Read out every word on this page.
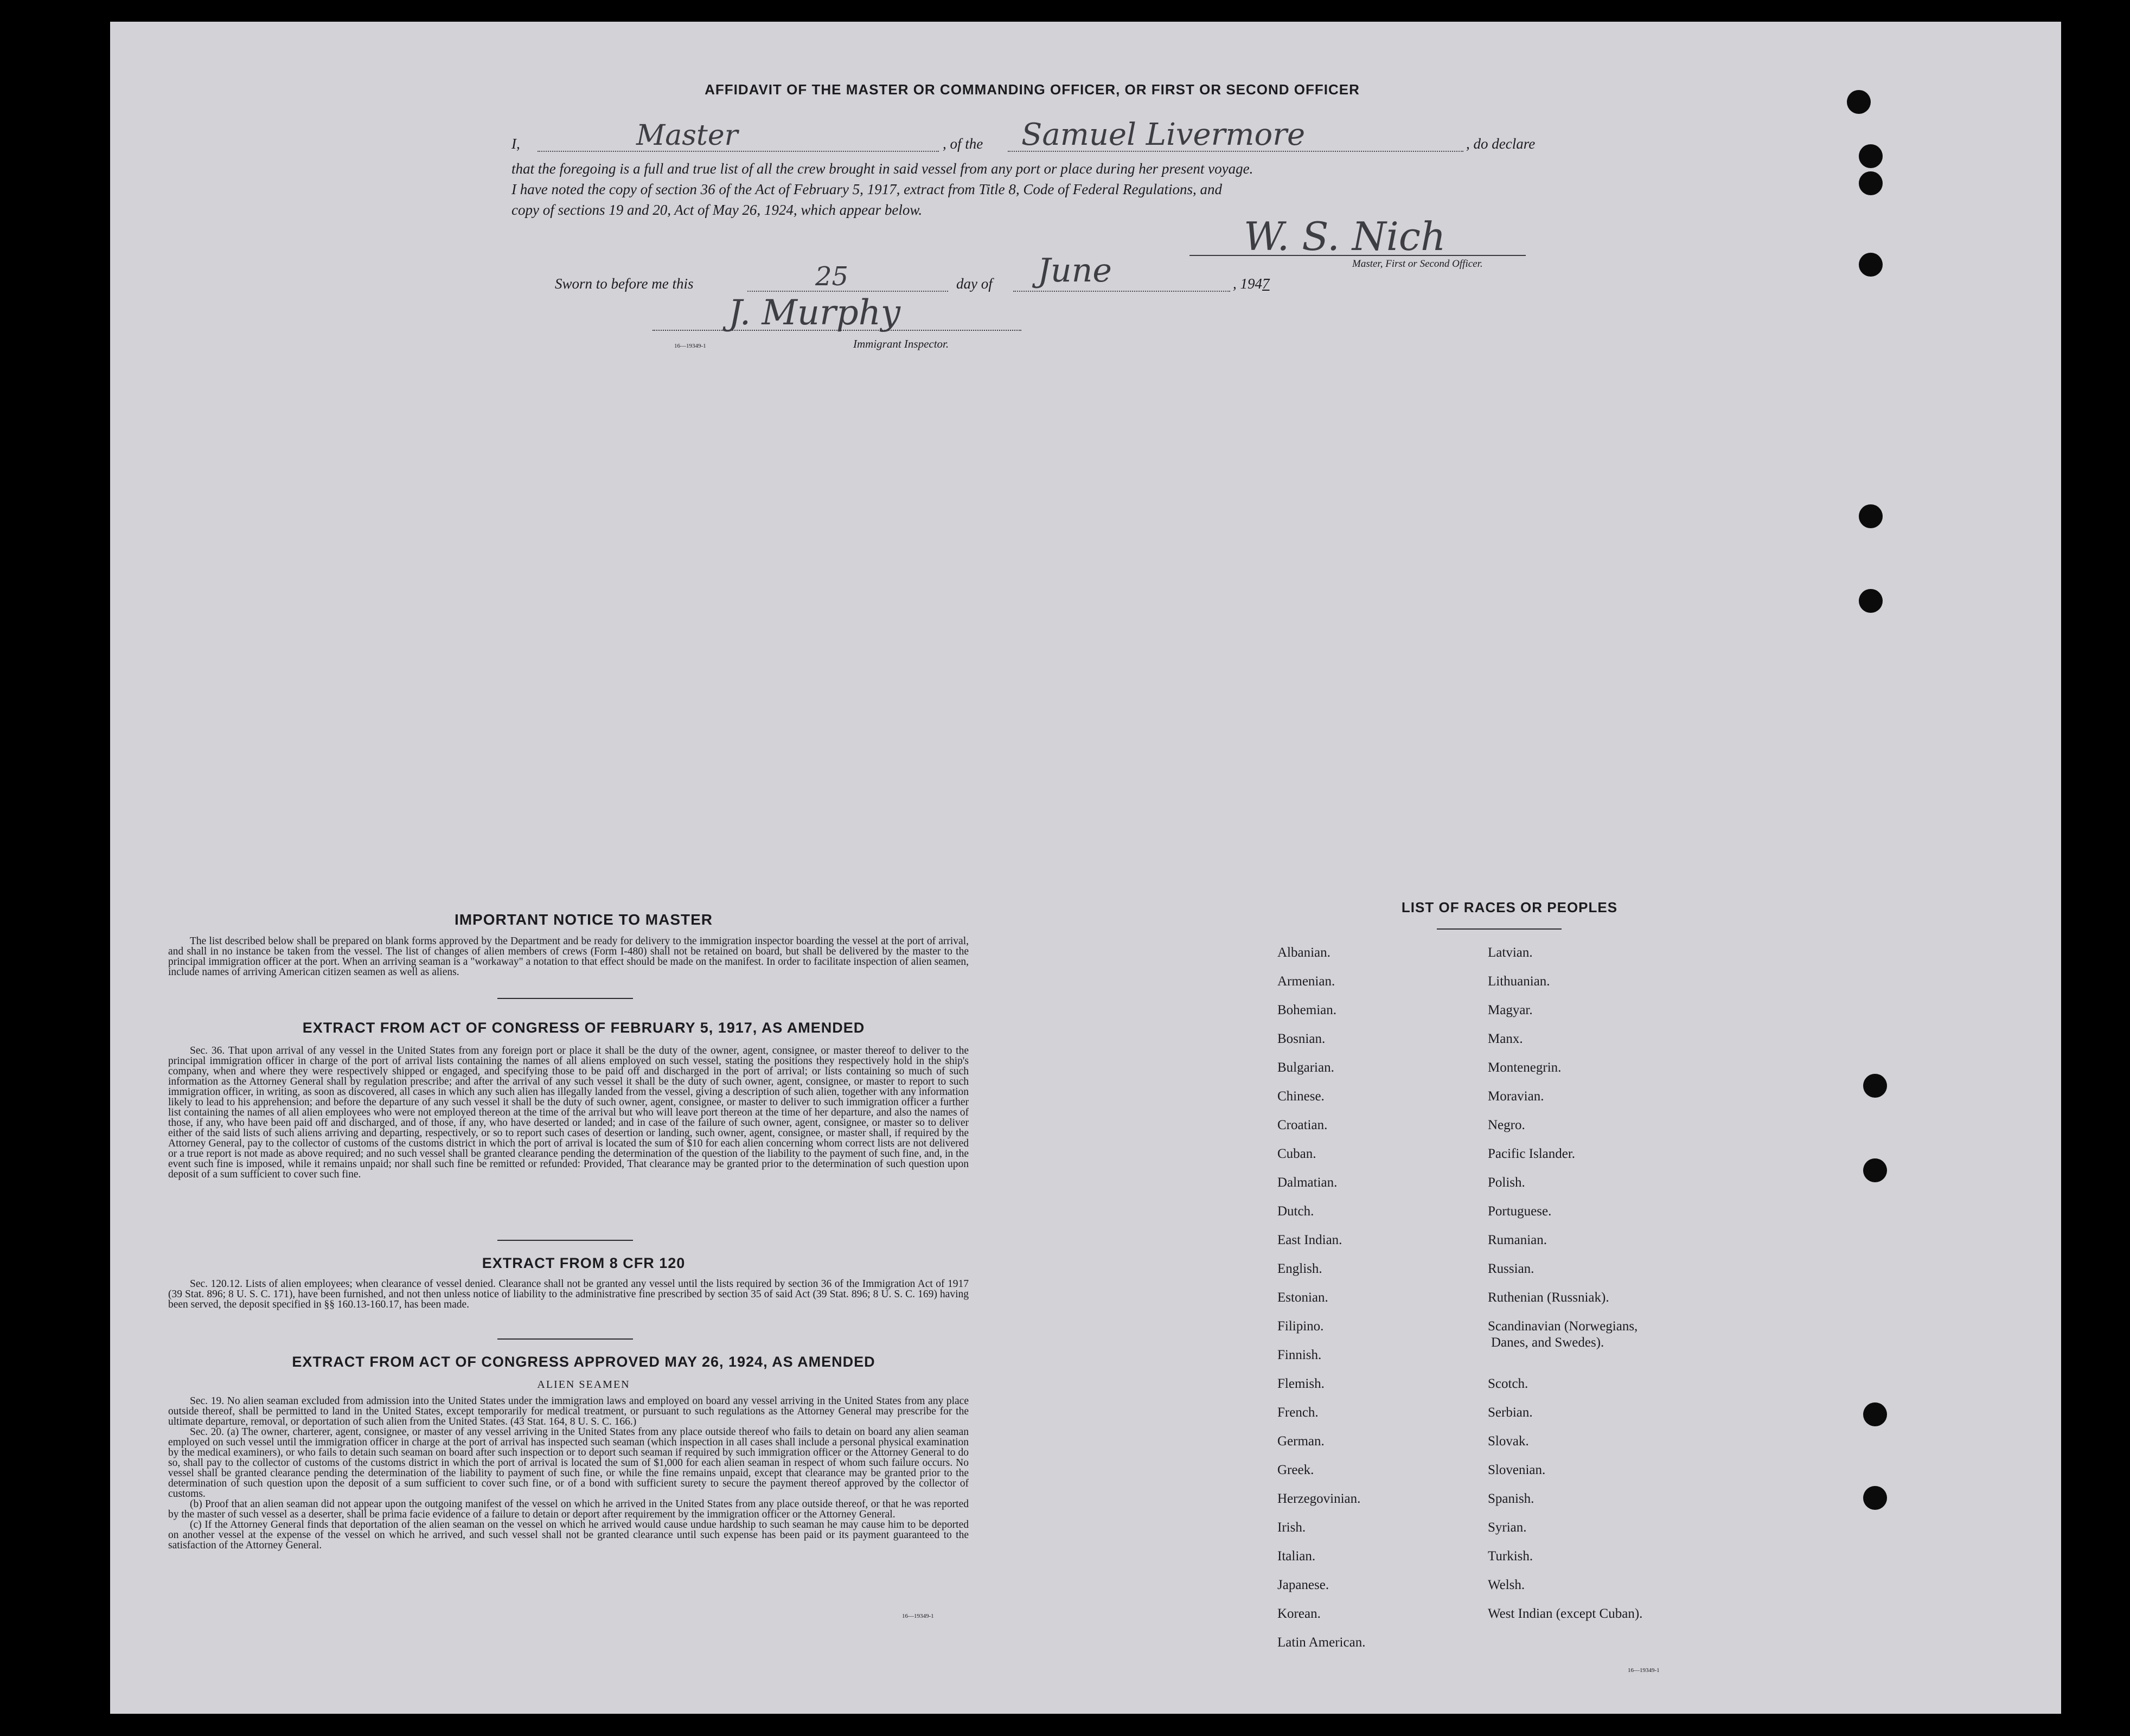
AFFIDAVIT OF THE MASTER OR COMMANDING OFFICER, OR FIRST OR SECOND OFFICER
I,	Master	, of the Samuel Livermore	, do declare
that the foregoing is a full and true list of all the crew brought in said vessel from any port or place during her present voyage.
I have noted the copy of section 36 of the Act of February 5, 1917, extract from Title 8, Code of Federal Regulations, and
copy of sections 19 and 20, Act of May 26, 1924, which appear below.
W. S. Nich
Master, First or Second Officer.
Sworn to before me this	25	day of June	, 1947
J. Murphy
16—19349-1	Immigrant Inspector.
IMPORTANT NOTICE TO MASTER

The list described below shall be prepared on blank forms approved by the Department and be ready for delivery to the immigration inspector boarding the vessel at the port of arrival, and shall in no instance be taken from the vessel. The list of changes of alien members of crews (Form I-480) shall not be retained on board, but shall be delivered by the master to the principal immigration officer at the port. When an arriving seaman is a "workaway" a notation to that effect should be made on the manifest. In order to facilitate inspection of alien seamen, include names of arriving American citizen seamen as well as aliens.

EXTRACT FROM ACT OF CONGRESS OF FEBRUARY 5, 1917, AS AMENDED

Sec. 36. That upon arrival of any vessel in the United States from any foreign port or place it shall be the duty of the owner, agent, consignee, or master thereof to deliver to the principal immigration officer in charge of the port of arrival lists containing the names of all aliens employed on such vessel, stating the positions they respectively hold in the ship's company, when and where they were respectively shipped or engaged, and specifying those to be paid off and discharged in the port of arrival; or lists containing so much of such information as the Attorney General shall by regulation prescribe; and after the arrival of any such vessel it shall be the duty of such owner, agent, consignee, or master to report to such immigration officer, in writing, as soon as discovered, all cases in which any such alien has illegally landed from the vessel, giving a description of such alien, together with any information likely to lead to his apprehension; and before the departure of any such vessel it shall be the duty of such owner, agent, consignee, or master to deliver to such immigration officer a further list containing the names of all alien employees who were not employed thereon at the time of the arrival but who will leave port thereon at the time of her departure, and also the names of those, if any, who have been paid off and discharged, and of those, if any, who have deserted or landed; and in case of the failure of such owner, agent, consignee, or master so to deliver either of the said lists of such aliens arriving and departing, respectively, or so to report such cases of desertion or landing, such owner, agent, consignee, or master shall, if required by the Attorney General, pay to the collector of customs of the customs district in which the port of arrival is located the sum of $10 for each alien concerning whom correct lists are not delivered or a true report is not made as above required; and no such vessel shall be granted clearance pending the determination of the question of the liability to the payment of such fine, and, in the event such fine is imposed, while it remains unpaid; nor shall such fine be remitted or refunded: Provided, That clearance may be granted prior to the determination of such question upon deposit of a sum sufficient to cover such fine.

EXTRACT FROM 8 CFR 120

Sec. 120.12. Lists of alien employees; when clearance of vessel denied. Clearance shall not be granted any vessel until the lists required by section 36 of the Immigration Act of 1917 (39 Stat. 896; 8 U. S. C. 171), have been furnished, and not then unless notice of liability to the administrative fine prescribed by section 35 of said Act (39 Stat. 896; 8 U. S. C. 169) having been served, the deposit specified in §§ 160.13-160.17, has been made.

EXTRACT FROM ACT OF CONGRESS APPROVED MAY 26, 1924, AS AMENDED
ALIEN SEAMEN

Sec. 19. No alien seaman excluded from admission into the United States under the immigration laws and employed on board any vessel arriving in the United States from any place outside thereof, shall be permitted to land in the United States, except temporarily for medical treatment, or pursuant to such regulations as the Attorney General may prescribe for the ultimate departure, removal, or deportation of such alien from the United States. (43 Stat. 164, 8 U. S. C. 166.)

Sec. 20. (a) The owner, charterer, agent, consignee, or master of any vessel arriving in the United States from any place outside thereof who fails to detain on board any alien seaman employed on such vessel until the immigration officer in charge at the port of arrival has inspected such seaman (which inspection in all cases shall include a personal physical examination by the medical examiners), or who fails to detain such seaman on board after such inspection or to deport such seaman if required by such immigration officer or the Attorney General to do so, shall pay to the collector of customs of the customs district in which the port of arrival is located the sum of $1,000 for each alien seaman in respect of whom such failure occurs. No vessel shall be granted clearance pending the determination of the liability to payment of such fine, or while the fine remains unpaid, except that clearance may be granted prior to the determination of such question upon the deposit of a sum sufficient to cover such fine, or of a bond with sufficient surety to secure the payment thereof approved by the collector of customs.

(b) Proof that an alien seaman did not appear upon the outgoing manifest of the vessel on which he arrived in the United States from any place outside thereof, or that he was reported by the master of such vessel as a deserter, shall be prima facie evidence of a failure to detain or deport after requirement by the immigration officer or the Attorney General.

(c) If the Attorney General finds that deportation of the alien seaman on the vessel on which he arrived would cause undue hardship to such seaman he may cause him to be deported on another vessel at the expense of the vessel on which he arrived, and such vessel shall not be granted clearance until such expense has been paid or its payment guaranteed to the satisfaction of the Attorney General.

16—19349-1
LIST OF RACES OR PEOPLES
Albanian.
Armenian.
Bohemian.
Bosnian.
Bulgarian.
Chinese.
Croatian.
Cuban.
Dalmatian.
Dutch.
East Indian.
English.
Estonian.
Filipino.
Finnish.
Flemish.
French.
German.
Greek.
Herzegovinian.
Irish.
Italian.
Japanese.
Korean.
Latin American.
Latvian.
Lithuanian.
Magyar.
Manx.
Montenegrin.
Moravian.
Negro.
Pacific Islander.
Polish.
Portuguese.
Rumanian.
Russian.
Ruthenian (Russniak).
Scandinavian (Norwegians,
Danes, and Swedes).
Scotch.
Serbian.
Slovak.
Slovenian.
Spanish.
Syrian.
Turkish.
Welsh.
West Indian (except Cuban).
16—19349-1
